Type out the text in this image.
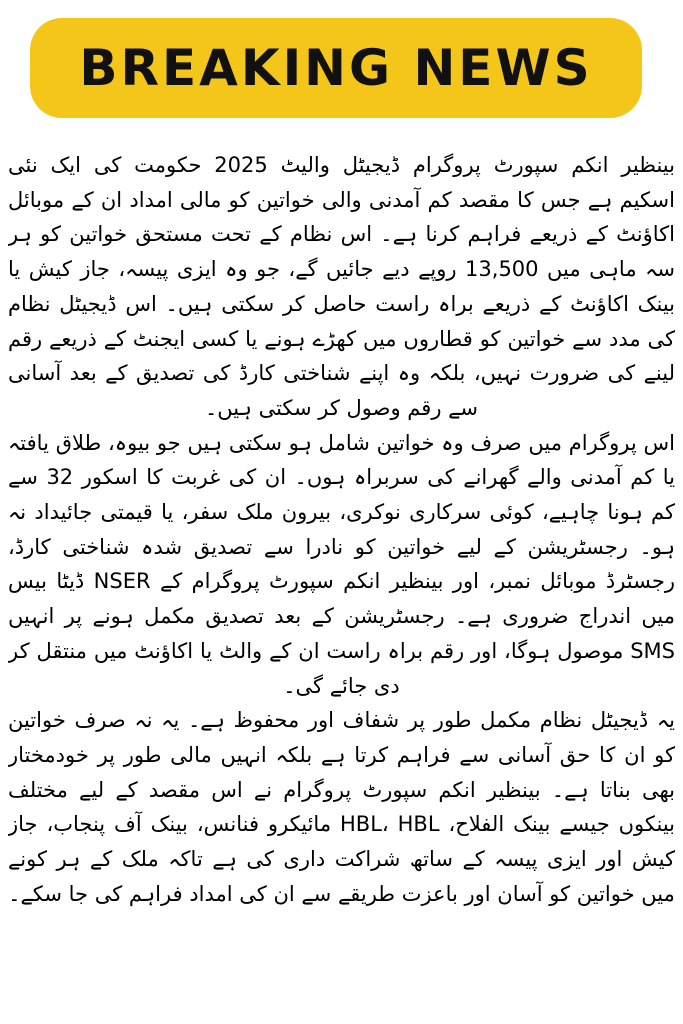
BREAKING NEWS

بینظیر انکم سپورٹ پروگرام ڈیجیٹل والیٹ 2025 حکومت کی ایک نئی اسکیم ہے جس کا مقصد کم آمدنی والی خواتین کو مالی امداد ان کے موبائل اکاؤنٹ کے ذریعے فراہم کرنا ہے۔ اس نظام کے تحت مستحق خواتین کو ہر سہ ماہی میں 13,500 روپے دیے جائیں گے، جو وہ ایزی پیسہ، جاز کیش یا بینک اکاؤنٹ کے ذریعے براہ راست حاصل کر سکتی ہیں۔ اس ڈیجیٹل نظام کی مدد سے خواتین کو قطاروں میں کھڑے ہونے یا کسی ایجنٹ کے ذریعے رقم لینے کی ضرورت نہیں، بلکہ وہ اپنے شناختی کارڈ کی تصدیق کے بعد آسانی سے رقم وصول کر سکتی ہیں۔

اس پروگرام میں صرف وہ خواتین شامل ہو سکتی ہیں جو بیوہ، طلاق یافتہ یا کم آمدنی والے گھرانے کی سربراہ ہوں۔ ان کی غربت کا اسکور 32 سے کم ہونا چاہیے، کوئی سرکاری نوکری، بیرون ملک سفر، یا قیمتی جائیداد نہ ہو۔ رجسٹریشن کے لیے خواتین کو نادرا سے تصدیق شدہ شناختی کارڈ، رجسٹرڈ موبائل نمبر، اور بینظیر انکم سپورٹ پروگرام کے NSER ڈیٹا بیس میں اندراج ضروری ہے۔ رجسٹریشن کے بعد تصدیق مکمل ہونے پر انہیں SMS موصول ہوگا، اور رقم براہ راست ان کے والٹ یا اکاؤنٹ میں منتقل کر دی جائے گی۔

یہ ڈیجیٹل نظام مکمل طور پر شفاف اور محفوظ ہے۔ یہ نہ صرف خواتین کو ان کا حق آسانی سے فراہم کرتا ہے بلکہ انہیں مالی طور پر خودمختار بھی بناتا ہے۔ بینظیر انکم سپورٹ پروگرام نے اس مقصد کے لیے مختلف بینکوں جیسے بینک الفلاح، HBL، HBL مائیکرو فنانس، بینک آف پنجاب، جاز کیش اور ایزی پیسہ کے ساتھ شراکت داری کی ہے تاکہ ملک کے ہر کونے میں خواتین کو آسان اور باعزت طریقے سے ان کی امداد فراہم کی جا سکے۔
